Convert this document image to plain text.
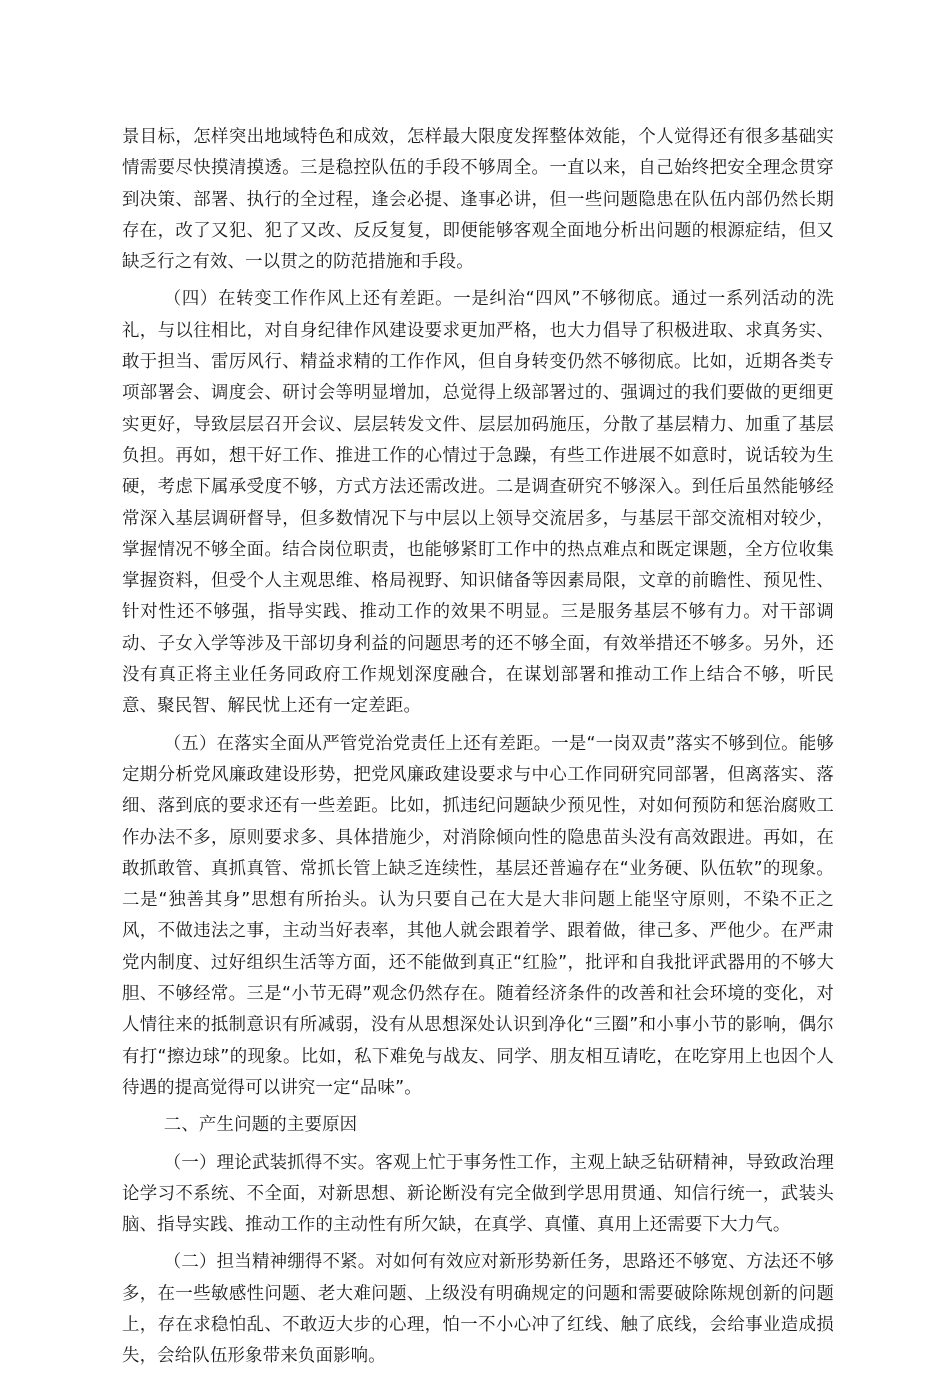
景目标，怎样突出地域特色和成效，怎样最大限度发挥整体效能，个人觉得还有很多基础实情需要尽快摸清摸透。三是稳控队伍的手段不够周全。一直以来，自己始终把安全理念贯穿到决策、部署、执行的全过程，逢会必提、逢事必讲，但一些问题隐患在队伍内部仍然长期存在，改了又犯、犯了又改、反反复复，即便能够客观全面地分析出问题的根源症结，但又缺乏行之有效、一以贯之的防范措施和手段。

（四）在转变工作作风上还有差距。一是纠治“四风”不够彻底。通过一系列活动的洗礼，与以往相比，对自身纪律作风建设要求更加严格，也大力倡导了积极进取、求真务实、敢于担当、雷厉风行、精益求精的工作作风，但自身转变仍然不够彻底。比如，近期各类专项部署会、调度会、研讨会等明显增加，总觉得上级部署过的、强调过的我们要做的更细更实更好，导致层层召开会议、层层转发文件、层层加码施压，分散了基层精力、加重了基层负担。再如，想干好工作、推进工作的心情过于急躁，有些工作进展不如意时，说话较为生硬，考虑下属承受度不够，方式方法还需改进。二是调查研究不够深入。到任后虽然能够经常深入基层调研督导，但多数情况下与中层以上领导交流居多，与基层干部交流相对较少，掌握情况不够全面。结合岗位职责，也能够紧盯工作中的热点难点和既定课题，全方位收集掌握资料，但受个人主观思维、格局视野、知识储备等因素局限，文章的前瞻性、预见性、针对性还不够强，指导实践、推动工作的效果不明显。三是服务基层不够有力。对干部调动、子女入学等涉及干部切身利益的问题思考的还不够全面，有效举措还不够多。另外，还没有真正将主业任务同政府工作规划深度融合，在谋划部署和推动工作上结合不够，听民意、聚民智、解民忧上还有一定差距。

（五）在落实全面从严管党治党责任上还有差距。一是“一岗双责”落实不够到位。能够定期分析党风廉政建设形势，把党风廉政建设要求与中心工作同研究同部署，但离落实、落细、落到底的要求还有一些差距。比如，抓违纪问题缺少预见性，对如何预防和惩治腐败工作办法不多，原则要求多、具体措施少，对消除倾向性的隐患苗头没有高效跟进。再如，在敢抓敢管、真抓真管、常抓长管上缺乏连续性，基层还普遍存在“业务硬、队伍软”的现象。二是“独善其身”思想有所抬头。认为只要自己在大是大非问题上能坚守原则，不染不正之风，不做违法之事，主动当好表率，其他人就会跟着学、跟着做，律己多、严他少。在严肃党内制度、过好组织生活等方面，还不能做到真正“红脸”，批评和自我批评武器用的不够大胆、不够经常。三是“小节无碍”观念仍然存在。随着经济条件的改善和社会环境的变化，对人情往来的抵制意识有所减弱，没有从思想深处认识到净化“三圈”和小事小节的影响，偶尔有打“擦边球”的现象。比如，私下难免与战友、同学、朋友相互请吃，在吃穿用上也因个人待遇的提高觉得可以讲究一定“品味”。

二、产生问题的主要原因

（一）理论武装抓得不实。客观上忙于事务性工作，主观上缺乏钻研精神，导致政治理论学习不系统、不全面，对新思想、新论断没有完全做到学思用贯通、知信行统一，武装头脑、指导实践、推动工作的主动性有所欠缺，在真学、真懂、真用上还需要下大力气。

（二）担当精神绷得不紧。对如何有效应对新形势新任务，思路还不够宽、方法还不够多，在一些敏感性问题、老大难问题、上级没有明确规定的问题和需要破除陈规创新的问题上，存在求稳怕乱、不敢迈大步的心理，怕一不小心冲了红线、触了底线，会给事业造成损失，会给队伍形象带来负面影响。
